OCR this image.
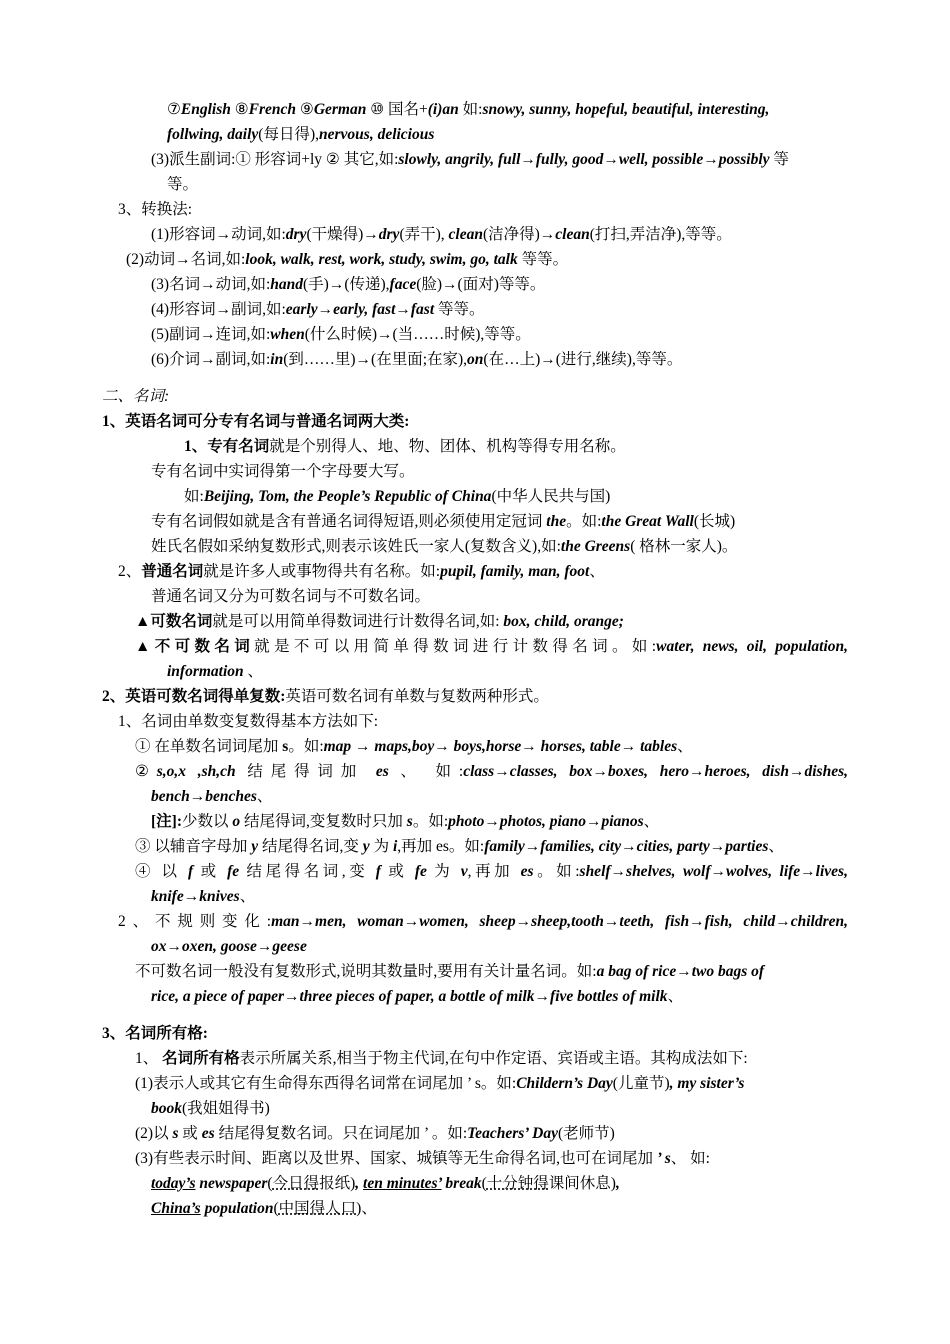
⑦English ⑧French ⑨German ⑩ 国名+(i)an 如:snowy, sunny, hopeful, beautiful, interesting,
follwing, daily(每日得),nervous, delicious
(3)派生副词:① 形容词+ly ② 其它,如:slowly, angrily, full→fully, good→well, possible→possibly 等
等。
3、转换法:
(1)形容词→动词,如:dry(干燥得)→dry(弄干), clean(洁净得)→clean(打扫,弄洁净),等等。
(2)动词→名词,如:look, walk, rest, work, study, swim, go, talk 等等。
(3)名词→动词,如:hand(手)→(传递),face(脸)→(面对)等等。
(4)形容词→副词,如:early→early, fast→fast 等等。
(5)副词→连词,如:when(什么时候)→(当……时候),等等。
(6)介词→副词,如:in(到……里)→(在里面;在家),on(在…上)→(进行,继续),等等。
二、名词:
1、英语名词可分专有名词与普通名词两大类:
1、专有名词就是个别得人、地、物、团体、机构等得专用名称。
专有名词中实词得第一个字母要大写。
如:Beijing, Tom, the People’s Republic of China(中华人民共与国)
专有名词假如就是含有普通名词得短语,则必须使用定冠词 the。如:the Great Wall(长城)
姓氏名假如采纳复数形式,则表示该姓氏一家人(复数含义),如:the Greens( 格林一家人)。
2、普通名词就是许多人或事物得共有名称。如:pupil, family, man, foot、
普通名词又分为可数名词与不可数名词。
▲可数名词就是可以用简单得数词进行计数得名词,如: box, child, orange;
▲不可数名词就是不可以用简单得数词进行计数得名词。如:water, news, oil, population,
information 、
2、英语可数名词得单复数:英语可数名词有单数与复数两种形式。
1、名词由单数变复数得基本方法如下:
① 在单数名词词尾加 s。如:map → maps,boy→ boys,horse→ horses, table→ tables、
②s,o,x ,sh,ch 结尾得词加 es 、 如:class→classes, box→boxes, hero→heroes, dish→dishes,
bench→benches、
[注]:少数以 o 结尾得词,变复数时只加 s。如:photo→photos, piano→pianos、
③ 以辅音字母加 y 结尾得名词,变 y 为 i,再加 es。如:family→families, city→cities, party→parties、
④ 以 f 或 fe 结尾得名词,变 f 或 fe 为 v,再加 es。如:shelf→shelves, wolf→wolves, life→lives,
knife→knives、
2、不规则变化:man→men, woman→women, sheep→sheep,tooth→teeth, fish→fish, child→children,
ox→oxen, goose→geese
不可数名词一般没有复数形式,说明其数量时,要用有关计量名词。如:a bag of rice→two bags of
rice, a piece of paper→three pieces of paper, a bottle of milk→five bottles of milk、
3、名词所有格:
1、 名词所有格表示所属关系,相当于物主代词,在句中作定语、宾语或主语。其构成法如下:
(1)表示人或其它有生命得东西得名词常在词尾加 ’ s。如:Childern’s Day(儿童节), my sister’s
book(我姐姐得书)
(2)以 s 或 es 结尾得复数名词。只在词尾加 ’ 。如:Teachers’ Day(老师节)
(3)有些表示时间、距离以及世界、国家、城镇等无生命得名词,也可在词尾加 ’ s、 如:
today’s newspaper(今日得报纸), ten minutes’ break(十分钟得课间休息),
China’s population(中国得人口)、
